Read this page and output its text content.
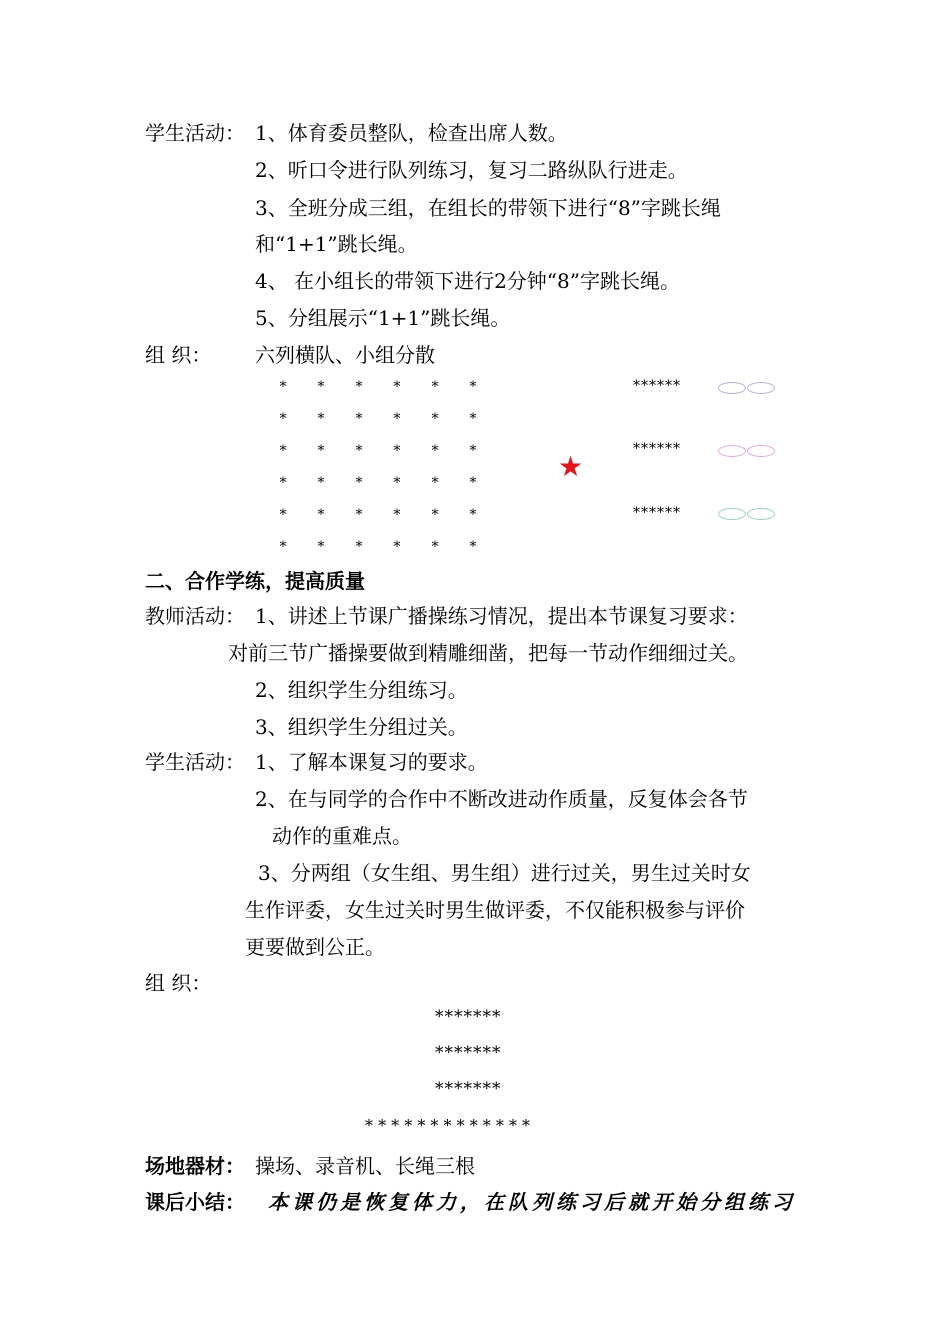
学生活动： 1、体育委员整队，检查出席人数。
2、听口令进行队列练习，复习二路纵队行进走。
3、全班分成三组，在组长的带领下进行“8”字跳长绳
和“1+1”跳长绳。
4、 在小组长的带领下进行2分钟“8”字跳长绳。
5、分组展示“1+1”跳长绳。
组 织： 六列横队、小组分散
* * * * * *
* * * * * *
* * * * * *
* * * * * *
* * * * * *
* * * * * *
******
******
******
★
二、合作学练，提高质量
教师活动： 1、讲述上节课广播操练习情况，提出本节课复习要求：
对前三节广播操要做到精雕细凿，把每一节动作细细过关。
2、组织学生分组练习。
3、组织学生分组过关。
学生活动： 1、了解本课复习的要求。
2、在与同学的合作中不断改进动作质量，反复体会各节
动作的重难点。
3、分两组（女生组、男生组）进行过关，男生过关时女
生作评委，女生过关时男生做评委，不仅能积极参与评价
更要做到公正。
组 织：
*******
*******
*******
* * * * * * * * * * * * *
场地器材： 操场、录音机、长绳三根
课后小结： 本课仍是恢复体力，在队列练习后就开始分组练习
